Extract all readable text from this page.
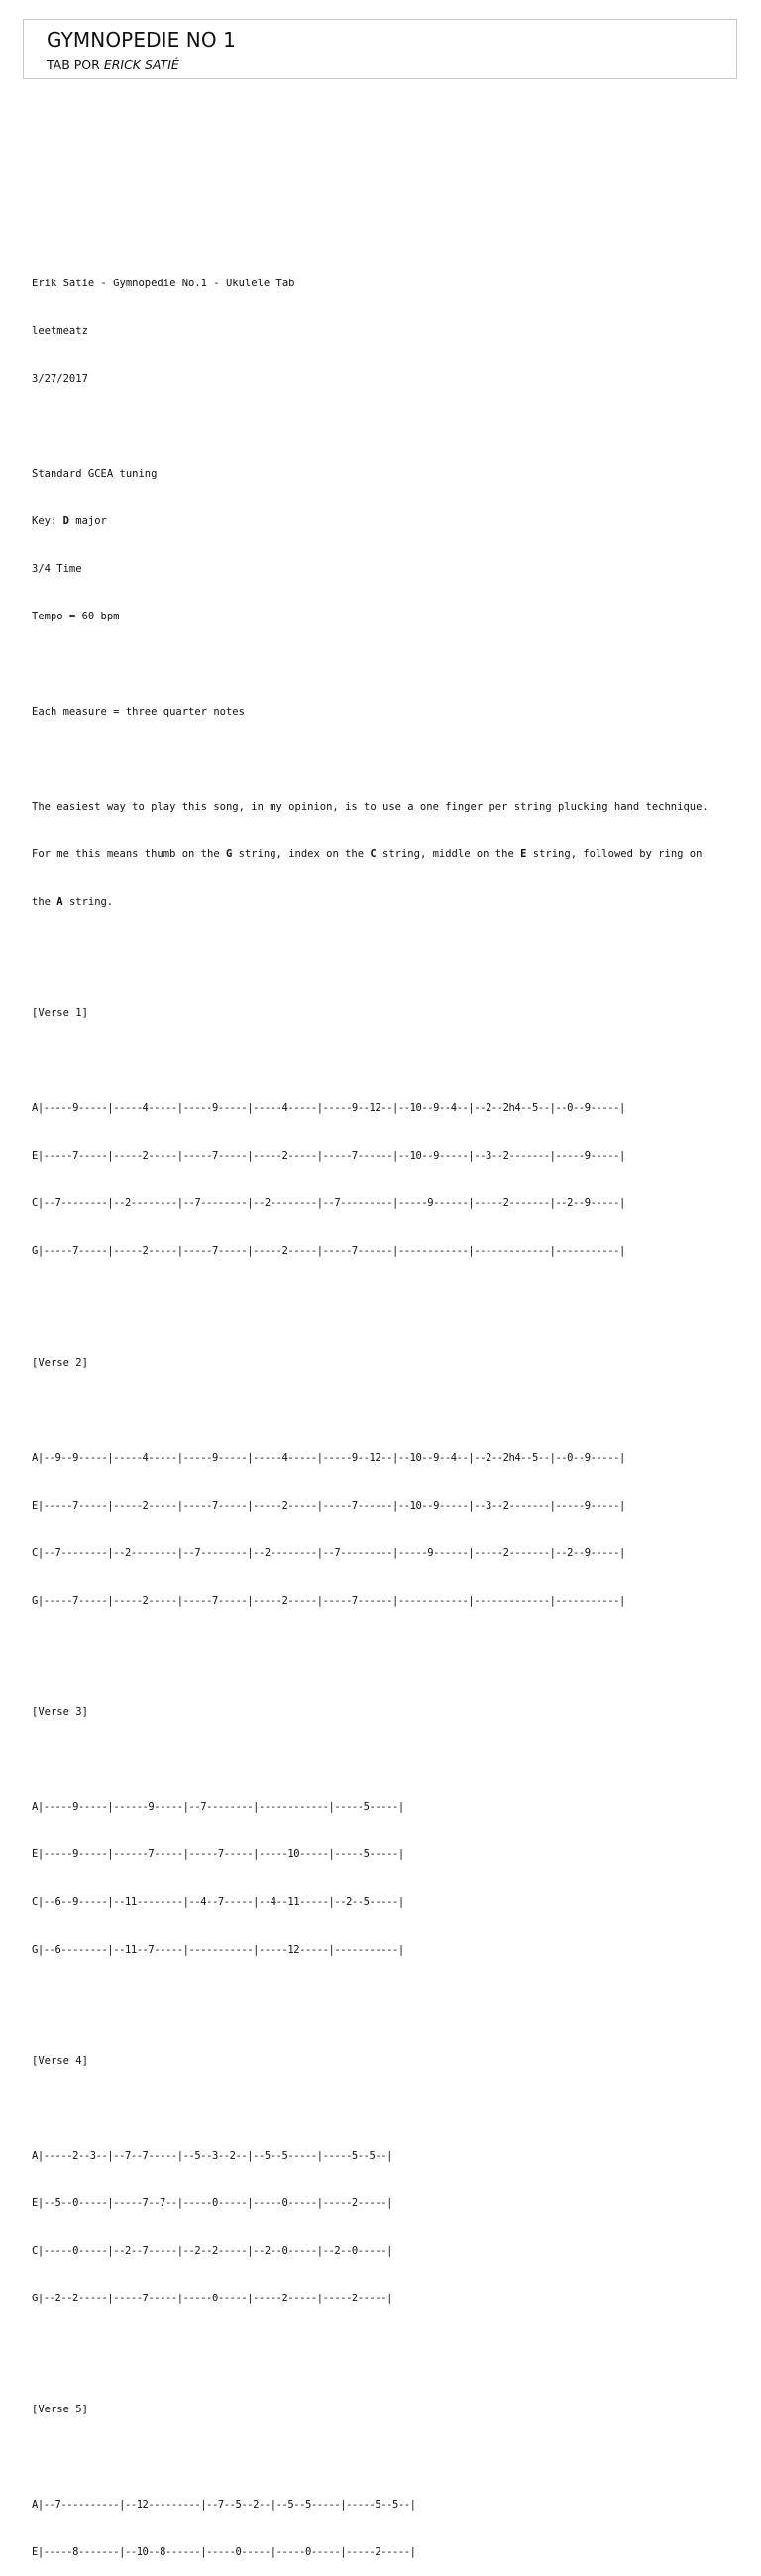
GYMNOPEDIE NO 1
TAB POR ERICK SATIÉ

Erik Satie - Gymnopedie No.1 - Ukulele Tab

leetmeatz

3/27/2017

Standard GCEA tuning

Key: D major

3/4 Time

Tempo = 60 bpm

Each measure = three quarter notes

The easiest way to play this song, in my opinion, is to use a one finger per string plucking hand technique.

For me this means thumb on the G string, index on the C string, middle on the E string, followed by ring on

the A string.

[Verse 1]

A|-----9-----|-----4-----|-----9-----|-----4-----|-----9--12--|--10--9--4--|--2--2h4--5--|--0--9-----|

E|-----7-----|-----2-----|-----7-----|-----2-----|-----7------|--10--9-----|--3--2-------|-----9-----|

C|--7--------|--2--------|--7--------|--2--------|--7---------|-----9------|-----2-------|--2--9-----|

G|-----7-----|-----2-----|-----7-----|-----2-----|-----7------|------------|-------------|-----------|

[Verse 2]

A|--9--9-----|-----4-----|-----9-----|-----4-----|-----9--12--|--10--9--4--|--2--2h4--5--|--0--9-----|

E|-----7-----|-----2-----|-----7-----|-----2-----|-----7------|--10--9-----|--3--2-------|-----9-----|

C|--7--------|--2--------|--7--------|--2--------|--7---------|-----9------|-----2-------|--2--9-----|

G|-----7-----|-----2-----|-----7-----|-----2-----|-----7------|------------|-------------|-----------|

[Verse 3]

A|-----9-----|------9-----|--7--------|------------|-----5-----|

E|-----9-----|------7-----|-----7-----|-----10-----|-----5-----|

C|--6--9-----|--11--------|--4--7-----|--4--11-----|--2--5-----|

G|--6--------|--11--7-----|-----------|-----12-----|-----------|

[Verse 4]

A|-----2--3--|--7--7-----|--5--3--2--|--5--5-----|-----5--5--|

E|--5--0-----|-----7--7--|-----0-----|-----0-----|-----2-----|

C|-----0-----|--2--7-----|--2--2-----|--2--0-----|--2--0-----|

G|--2--2-----|-----7-----|-----0-----|-----2-----|-----2-----|

[Verse 5]

A|--7----------|--12---------|--7--5--2--|--5--5-----|-----5--5--|

E|-----8-------|--10--8------|-----0-----|-----0-----|-----2-----|
